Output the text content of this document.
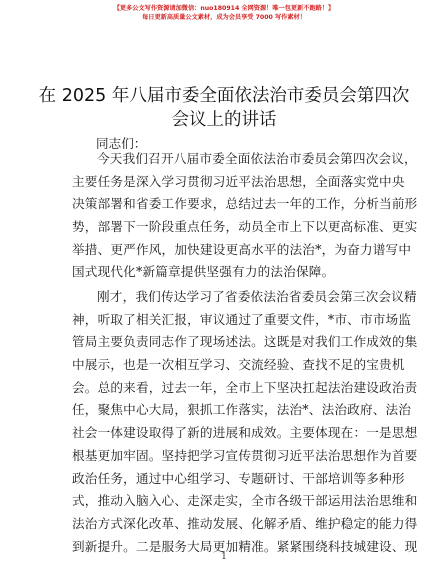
【更多公文写作资源请加微信：nuo180914 全网资源！唯一包更新不跑路！】
每日更新高质量公文素材，成为会员享受 7000 写作素材！
在 2025 年八届市委全面依法治市委员会第四次会议上的讲话
同志们：
今天我们召开八届市委全面依法治市委员会第四次会议，
主要任务是深入学习贯彻习近平法治思想，全面落实党中央
决策部署和省委工作要求，总结过去一年的工作，分析当前形
势，部署下一阶段重点任务，动员全市上下以更高标准、更实
举措、更严作风，加快建设更高水平的法治*，为奋力谱写中
国式现代化*新篇章提供坚强有力的法治保障。
刚才，我们传达学习了省委依法治省委员会第三次会议精
神，听取了相关汇报，审议通过了重要文件，*市、市市场监
管局主要负责同志作了现场述法。这既是对我们工作成效的集
中展示，也是一次相互学习、交流经验、查找不足的宝贵机
会。总的来看，过去一年，全市上下坚决扛起法治建设政治责
任，聚焦中心大局，狠抓工作落实，法治*、法治政府、法治
社会一体建设取得了新的进展和成效。主要体现在：一是思想
根基更加牢固。坚持把学习宣传贯彻习近平法治思想作为首要
政治任务，通过中心组学习、专题研讨、干部培训等多种形
式，推动入脑入心、走深走实，全市各级干部运用法治思维和
法治方式深化改革、推动发展、化解矛盾、维护稳定的能力得
到新提升。二是服务大局更加精准。紧紧围绕科技城建设、现
1
